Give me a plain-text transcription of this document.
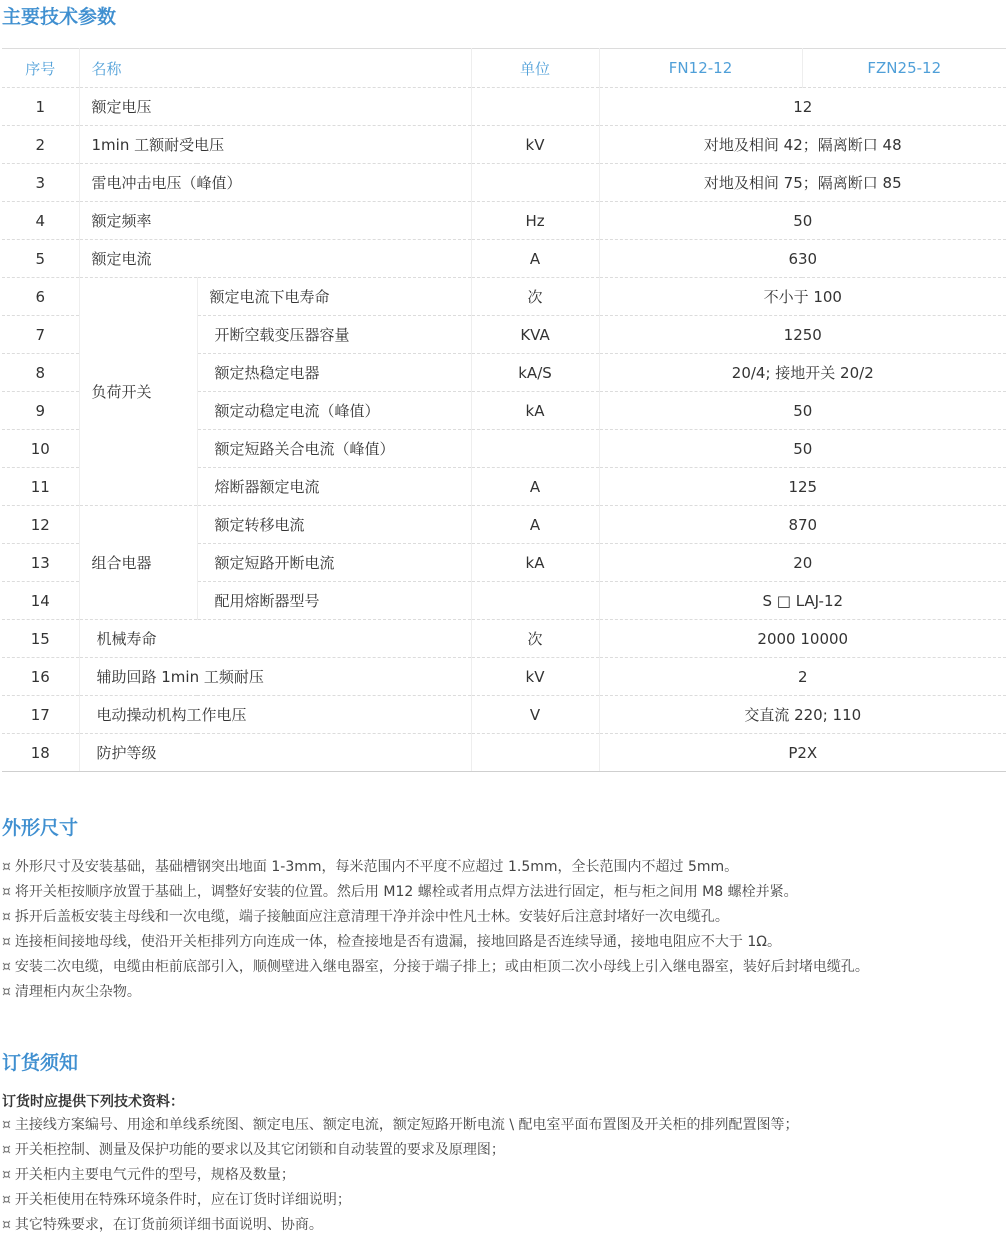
主要技术参数
序号	名称		单位	FN12-12	FZN25-12
1	额定电压			12	
2	1min 工额耐受电压		kV	对地及相间 42；隔离断口 48	
3	雷电冲击电压（峰值）			对地及相间 75；隔离断口 85	
4	额定频率		Hz	50	
5	额定电流		A	630	
6	负荷开关	额定电流下电寿命	次	不小于 100	
7		开断空载变压器容量	KVA	1250	
8		额定热稳定电器	kA/S	20/4; 接地开关 20/2	
9		额定动稳定电流（峰值）	kA	50	
10		额定短路关合电流（峰值）		50	
11		熔断器额定电流	A	125	
12	组合电器	额定转移电流	A	870	
13		额定短路开断电流	kA	20	
14		配用熔断器型号		S □ LAJ-12	
15	机械寿命		次	2000 10000	
16	辅助回路 1min 工频耐压		kV	2	
17	电动操动机构工作电压		V	交直流 220; 110	
18	防护等级			P2X	
外形尺寸
¤ 外形尺寸及安装基础，基础槽钢突出地面 1-3mm，每米范围内不平度不应超过 1.5mm，全长范围内不超过 5mm。
¤ 将开关柜按顺序放置于基础上，调整好安装的位置。然后用 M12 螺栓或者用点焊方法进行固定，柜与柜之间用 M8 螺栓并紧。
¤ 拆开后盖板安装主母线和一次电缆，端子接触面应注意清理干净并涂中性凡士林。安装好后注意封堵好一次电缆孔。
¤ 连接柜间接地母线，使沿开关柜排列方向连成一体，检查接地是否有遗漏，接地回路是否连续导通，接地电阻应不大于 1Ω。
¤ 安装二次电缆，电缆由柜前底部引入，顺侧壁进入继电器室，分接于端子排上；或由柜顶二次小母线上引入继电器室，装好后封堵电缆孔。
¤ 清理柜内灰尘杂物。
订货须知

订货时应提供下列技术资料：

¤ 主接线方案编号、用途和单线系统图、额定电压、额定电流，额定短路开断电流 \ 配电室平面布置图及开关柜的排列配置图等；
¤ 开关柜控制、测量及保护功能的要求以及其它闭锁和自动装置的要求及原理图；
¤ 开关柜内主要电气元件的型号，规格及数量；
¤ 开关柜使用在特殊环境条件时，应在订货时详细说明；
¤ 其它特殊要求，在订货前须详细书面说明、协商。
